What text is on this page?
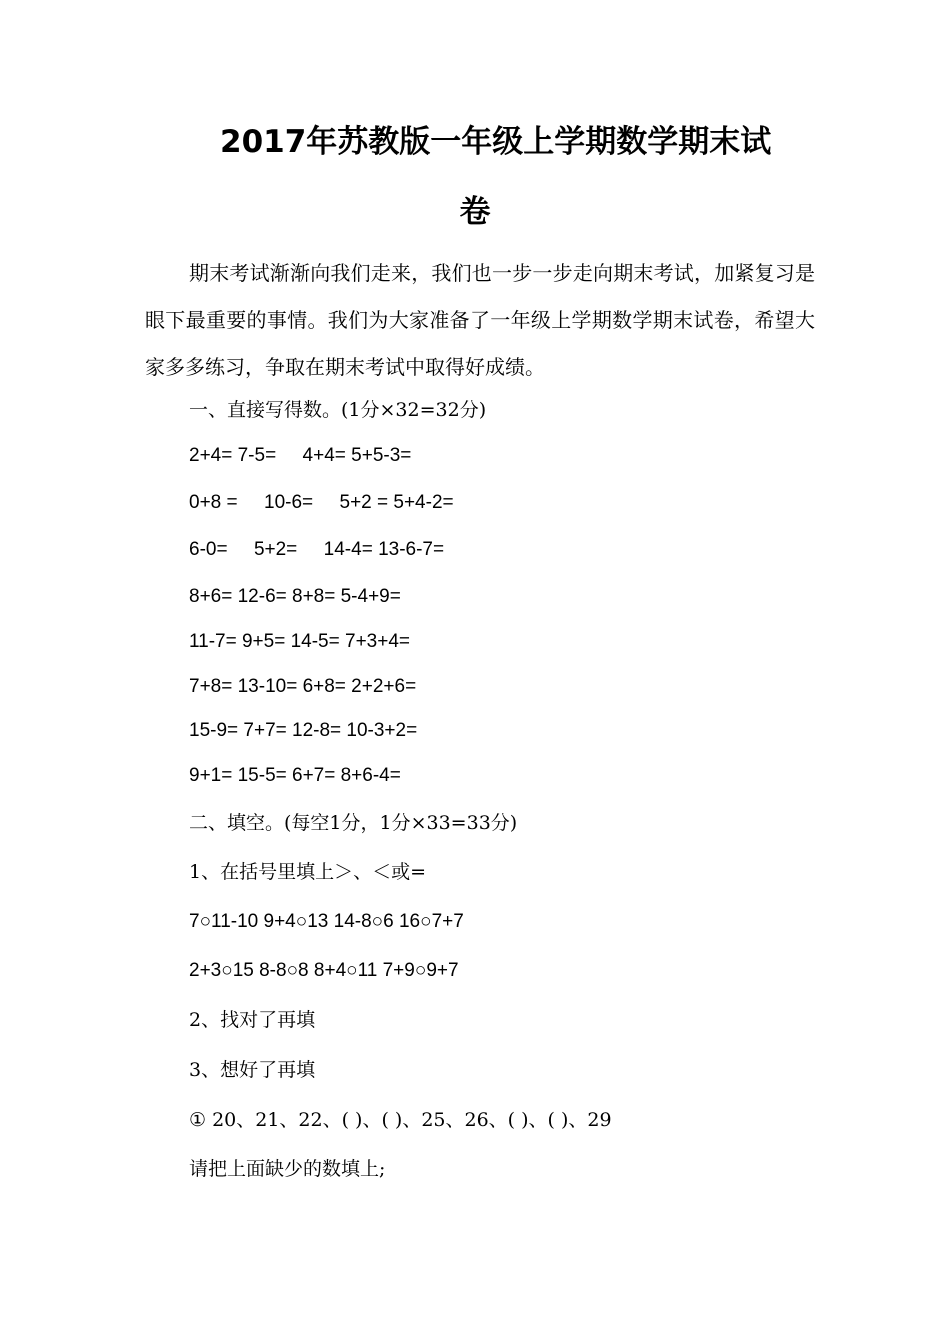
2017年苏教版一年级上学期数学期末试
卷
期末考试渐渐向我们走来，我们也一步一步走向期末考试，加紧复习是眼下最重要的事情。我们为大家准备了一年级上学期数学期末试卷，希望大家多多练习，争取在期末考试中取得好成绩。
一、直接写得数。(1分×32=32分)
2+4= 7-5=     4+4= 5+5-3=
0+8 =     10-6=     5+2 = 5+4-2=
6-0=     5+2=     14-4= 13-6-7=
8+6= 12-6= 8+8= 5-4+9=
11-7= 9+5= 14-5= 7+3+4=
7+8= 13-10= 6+8= 2+2+6=
15-9= 7+7= 12-8= 10-3+2=
9+1= 15-5= 6+7= 8+6-4=
二、填空。(每空1分，1分×33=33分)
1、在括号里填上＞、＜或=
7○11-10 9+4○13 14-8○6 16○7+7
2+3○15 8-8○8 8+4○11 7+9○9+7
2、找对了再填
3、想好了再填
① 20、21、22、( )、( )、25、26、( )、( )、29
请把上面缺少的数填上;
